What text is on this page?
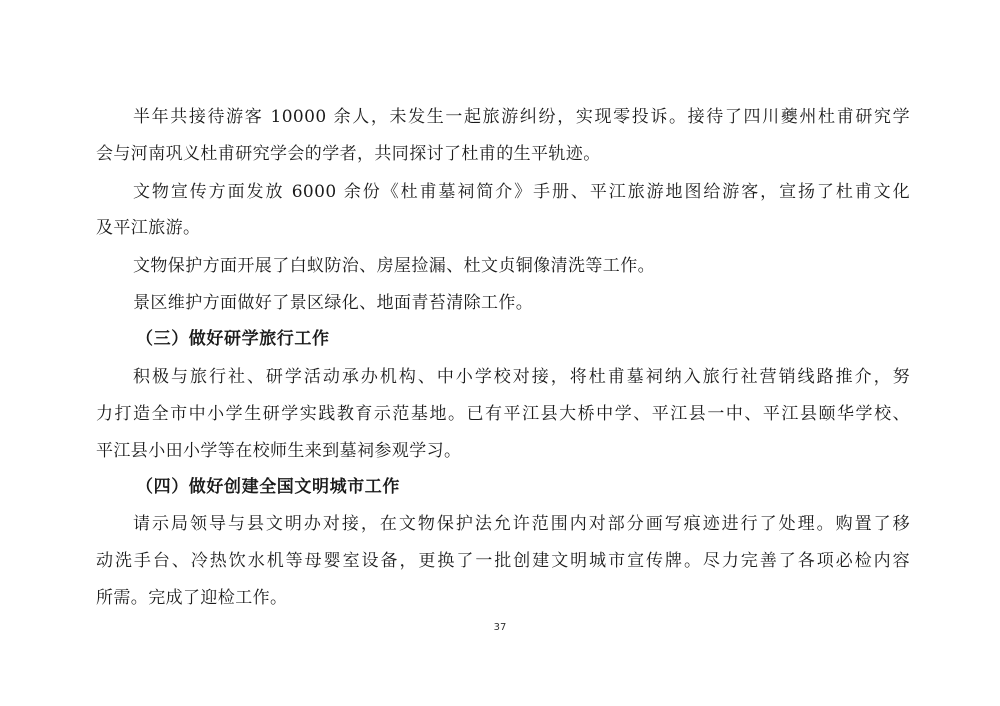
半年共接待游客 10000 余人，未发生一起旅游纠纷，实现零投诉。接待了四川夔州杜甫研究学
会与河南巩义杜甫研究学会的学者，共同探讨了杜甫的生平轨迹。
文物宣传方面发放 6000 余份《杜甫墓祠简介》手册、平江旅游地图给游客，宣扬了杜甫文化
及平江旅游。
文物保护方面开展了白蚁防治、房屋捡漏、杜文贞铜像清洗等工作。
景区维护方面做好了景区绿化、地面青苔清除工作。
（三）做好研学旅行工作
积极与旅行社、研学活动承办机构、中小学校对接，将杜甫墓祠纳入旅行社营销线路推介，努
力打造全市中小学生研学实践教育示范基地。已有平江县大桥中学、平江县一中、平江县颐华学校、
平江县小田小学等在校师生来到墓祠参观学习。
（四）做好创建全国文明城市工作
请示局领导与县文明办对接，在文物保护法允许范围内对部分画写痕迹进行了处理。购置了移
动洗手台、冷热饮水机等母婴室设备，更换了一批创建文明城市宣传牌。尽力完善了各项必检内容
所需。完成了迎检工作。
37
